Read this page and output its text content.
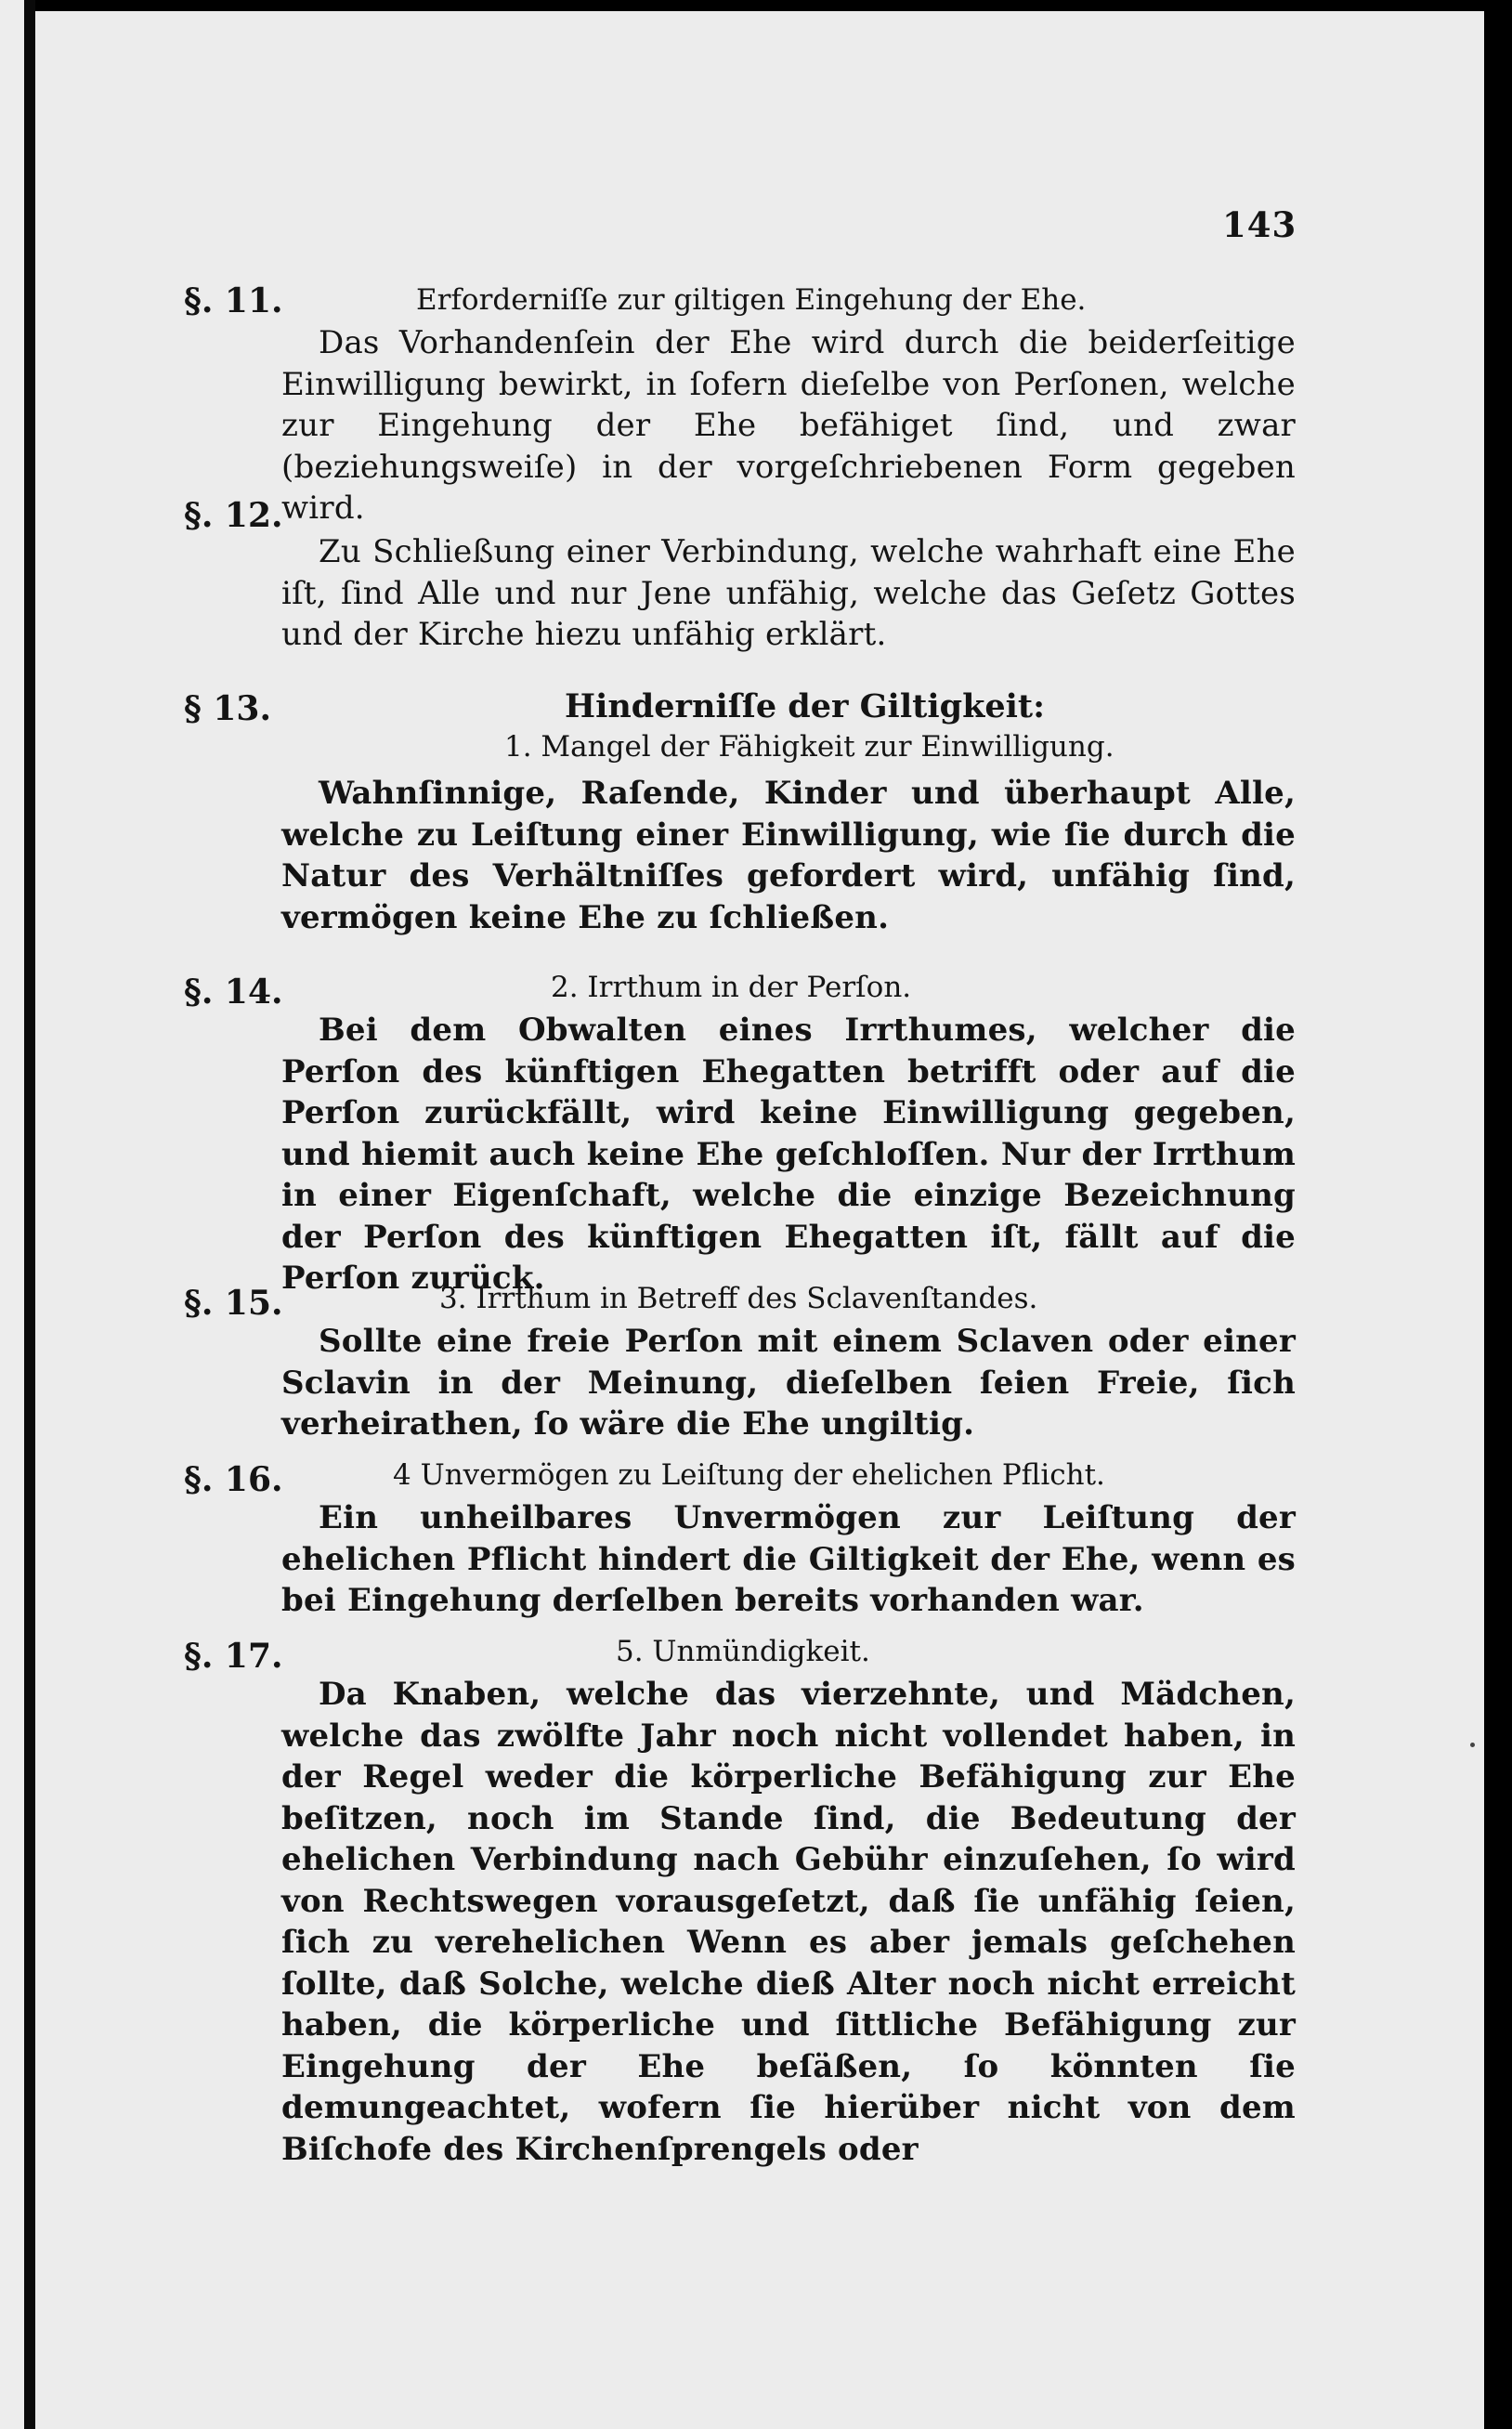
143
§. 11.	Erforderniſſe zur giltigen Eingehung der Ehe.
Das Vorhandenſein der Ehe wird durch die beiderſeitige Einwilligung bewirkt, in ſofern dieſelbe von Perſonen, welche zur Eingehung der Ehe befähiget ſind, und zwar (beziehungsweiſe) in der vorgeſchriebenen Form gegeben wird.
§. 12.
Zu Schließung einer Verbindung, welche wahrhaft eine Ehe iſt, ſind Alle und nur Jene unfähig, welche das Geſetz Gottes und der Kirche hiezu unfähig erklärt.
§ 13.	Hinderniſſe der Giltigkeit:
1. Mangel der Fähigkeit zur Einwilligung.
Wahnſinnige, Raſende, Kinder und überhaupt Alle, welche zu Leiſtung einer Einwilligung, wie ſie durch die Natur des Verhältniſſes gefordert wird, unfähig ſind, vermögen keine Ehe zu ſchließen.
§. 14.	2. Irrthum in der Perſon.
Bei dem Obwalten eines Irrthumes, welcher die Perſon des künftigen Ehegatten betrifft oder auf die Perſon zurückfällt, wird keine Einwilligung gegeben, und hiemit auch keine Ehe geſchloſſen. Nur der Irrthum in einer Eigenſchaft, welche die einzige Bezeichnung der Perſon des künftigen Ehegatten iſt, fällt auf die Perſon zurück.
§. 15.	3. Irrthum in Betreff des Sclavenſtandes.
Sollte eine freie Perſon mit einem Sclaven oder einer Sclavin in der Meinung, dieſelben ſeien Freie, ſich verheirathen, ſo wäre die Ehe ungiltig.
§. 16.	4 Unvermögen zu Leiſtung der ehelichen Pflicht.
Ein unheilbares Unvermögen zur Leiſtung der ehelichen Pflicht hindert die Giltigkeit der Ehe, wenn es bei Eingehung derſelben bereits vorhanden war.
§. 17.	5. Unmündigkeit.
Da Knaben, welche das vierzehnte, und Mädchen, welche das zwölfte Jahr noch nicht vollendet haben, in der Regel weder die körperliche Befähigung zur Ehe beſitzen, noch im Stande ſind, die Bedeutung der ehelichen Verbindung nach Gebühr einzuſehen, ſo wird von Rechtswegen vorausgeſetzt, daß ſie unfähig ſeien, ſich zu verehelichen Wenn es aber jemals geſchehen ſollte, daß Solche, welche dieß Alter noch nicht erreicht haben, die körperliche und ſittliche Befähigung zur Eingehung der Ehe beſäßen, ſo könnten ſie demungeachtet, wofern ſie hierüber nicht von dem Biſchofe des Kirchenſprengels oder
